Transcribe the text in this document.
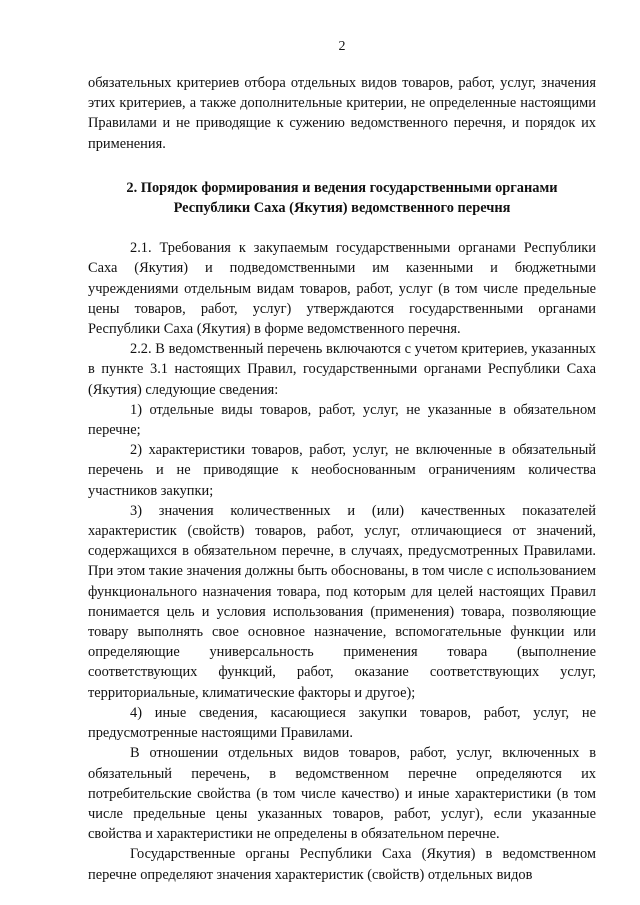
2

обязательных критериев отбора отдельных видов товаров, работ, услуг, значения этих критериев, а также дополнительные критерии, не определенные настоящими Правилами и не приводящие к сужению ведомственного перечня, и порядок их применения.

2. Порядок формирования и ведения государственными органами
Республики Саха (Якутия) ведомственного перечня

2.1. Требования к закупаемым государственными органами Республики Саха (Якутия) и подведомственными им казенными и бюджетными учреждениями отдельным видам товаров, работ, услуг (в том числе предельные цены товаров, работ, услуг) утверждаются государственными органами Республики Саха (Якутия) в форме ведомственного перечня.

2.2. В ведомственный перечень включаются с учетом критериев, указанных в пункте 3.1 настоящих Правил, государственными органами Республики Саха (Якутия) следующие сведения:

1) отдельные виды товаров, работ, услуг, не указанные в обязательном перечне;

2) характеристики товаров, работ, услуг, не включенные в обязательный перечень и не приводящие к необоснованным ограничениям количества участников закупки;

3) значения количественных и (или) качественных показателей характеристик (свойств) товаров, работ, услуг, отличающиеся от значений, содержащихся в обязательном перечне, в случаях, предусмотренных Правилами. При этом такие значения должны быть обоснованы, в том числе с использованием функционального назначения товара, под которым для целей настоящих Правил понимается цель и условия использования (применения) товара, позволяющие товару выполнять свое основное назначение, вспомогательные функции или определяющие универсальность применения товара (выполнение соответствующих функций, работ, оказание соответствующих услуг, территориальные, климатические факторы и другое);

4) иные сведения, касающиеся закупки товаров, работ, услуг, не предусмотренные настоящими Правилами.

В отношении отдельных видов товаров, работ, услуг, включенных в обязательный перечень, в ведомственном перечне определяются их потребительские свойства (в том числе качество) и иные характеристики (в том числе предельные цены указанных товаров, работ, услуг), если указанные свойства и характеристики не определены в обязательном перечне.

Государственные органы Республики Саха (Якутия) в ведомственном перечне определяют значения характеристик (свойств) отдельных видов
